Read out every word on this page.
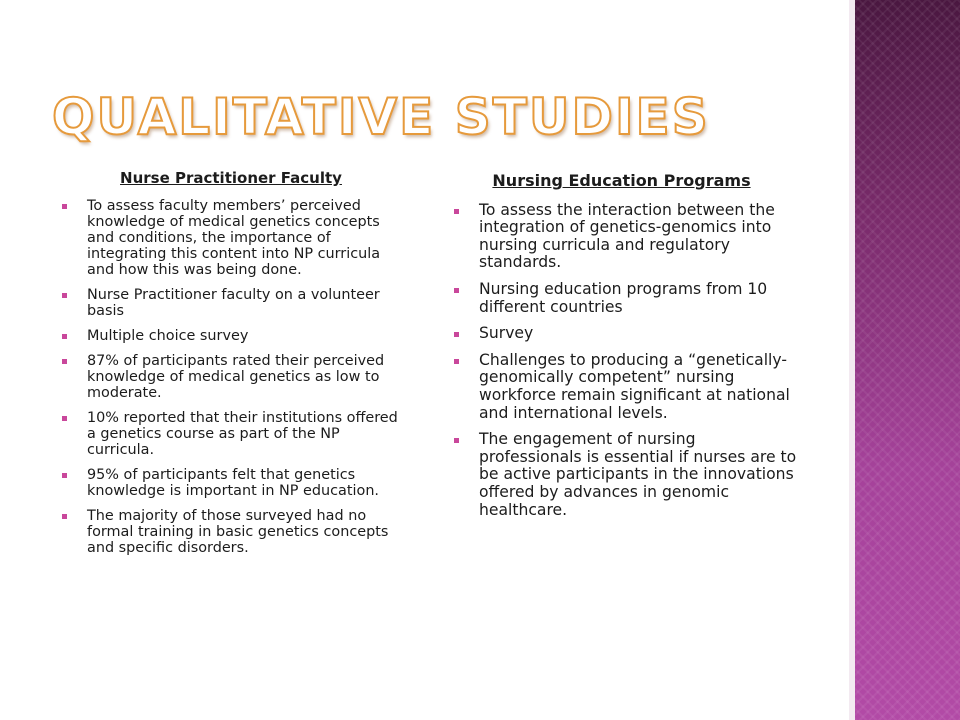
QUALITATIVE STUDIES

Nurse Practitioner Faculty

To assess faculty members’ perceived knowledge of medical genetics concepts and conditions, the importance of integrating this content into NP curricula and how this was being done.
Nurse Practitioner faculty on a volunteer basis
Multiple choice survey
87% of participants rated their perceived knowledge of medical genetics as low to moderate.
10% reported that their institutions offered a genetics course as part of the NP curricula.
95% of participants felt that genetics knowledge is important in NP education.
The majority of those surveyed had no formal training in basic genetics concepts and specific disorders.

Nursing Education Programs

To assess the interaction between the integration of genetics-genomics into nursing curricula and regulatory standards.
Nursing education programs from 10 different countries
Survey
Challenges to producing a “genetically-genomically competent” nursing workforce remain significant at national and international levels.
The engagement of nursing professionals is essential if nurses are to be active participants in the innovations offered by advances in genomic healthcare.
